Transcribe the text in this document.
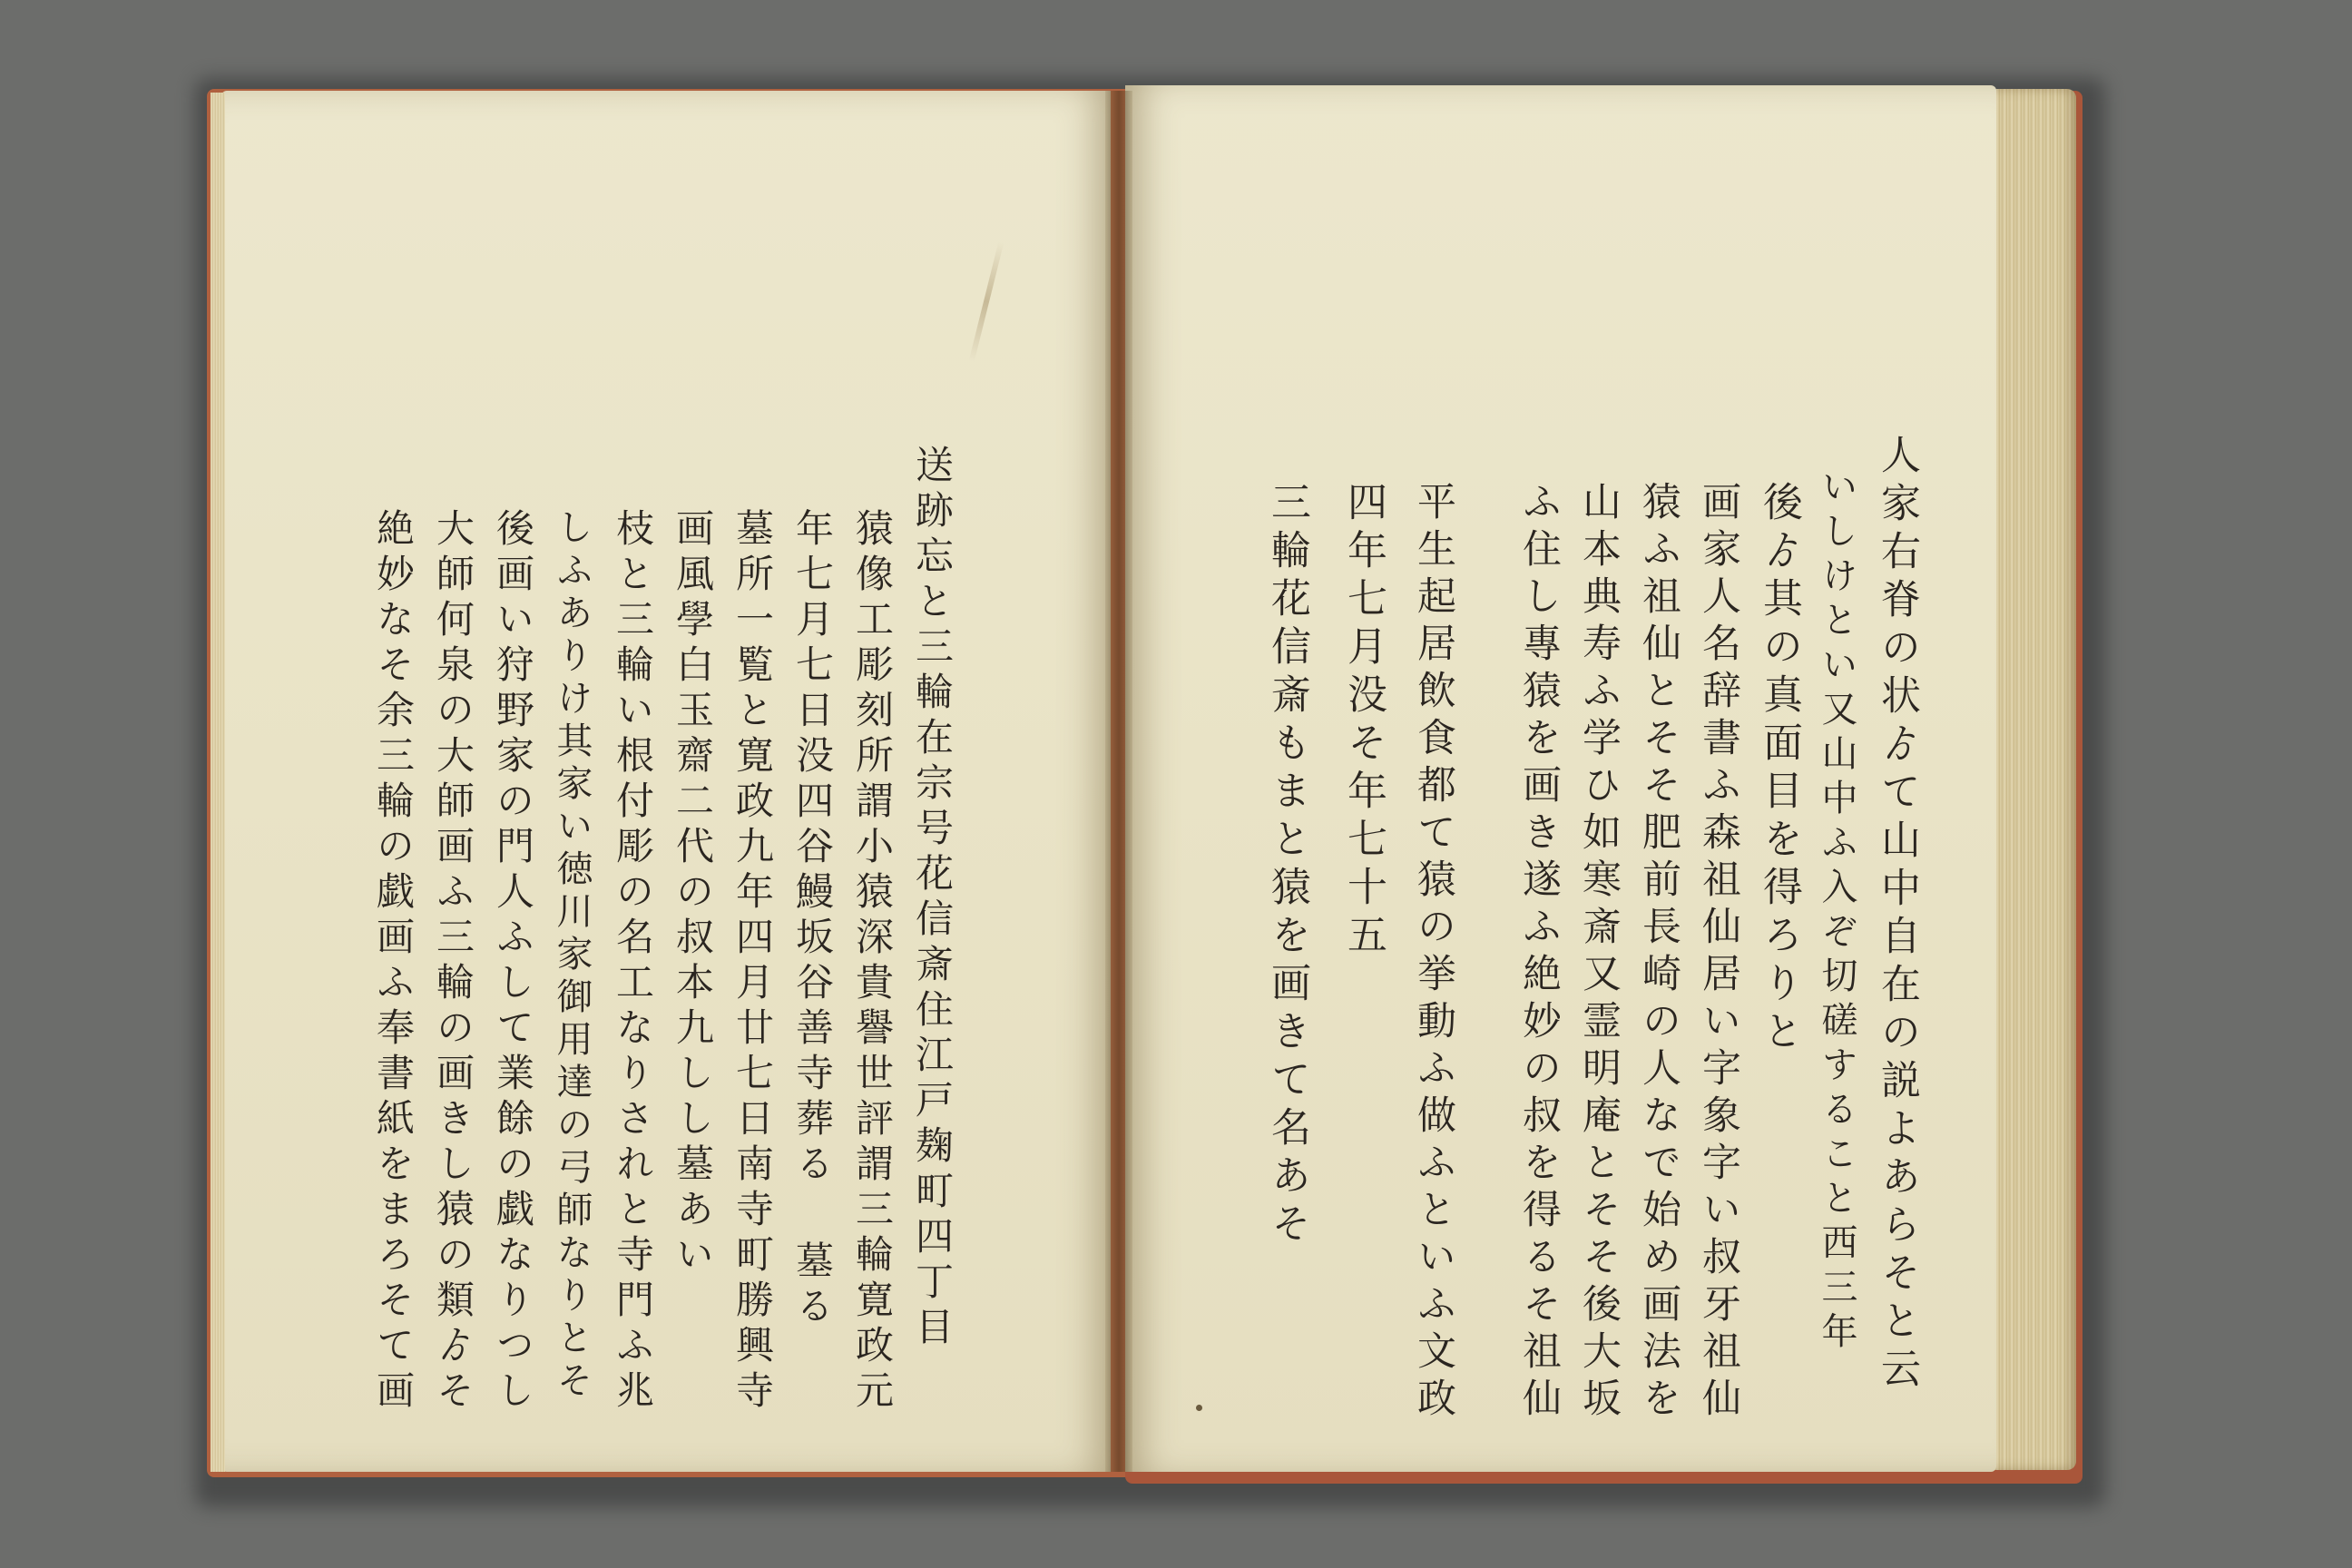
人家右脊の状ゟて山中自在の説よあらそと云
いしけとい又山中ふ入ぞ切磋すること西三年
後ゟ其の真面目を得ろりと
画家人名辞書ふ森祖仙居い字象字い叔牙祖仙
猿ふ祖仙とそそ肥前長崎の人なで始め画法を
山本典寿ふ学ひ如寒斎又霊明庵とそそ後大坂
ふ住し專猿を画き遂ふ絶妙の叔を得るそ祖仙
平生起居飲食都て猿の挙動ふ做ふといふ文政
四年七月没そ年七十五
三輪花信斎もまと猿を画きて名あそ
送跡忘と三輪在宗号花信斎住江戸麹町四丁目
猿像工彫刻所謂小猿深貴譽世評謂三輪寛政元
年七月七日没四谷鰻坂谷善寺葬る 墓る
墓所一覧と寛政九年四月廿七日南寺町勝興寺
画風學白玉齋二代の叔本九しし墓あい
枝と三輪い根付彫の名工なりされと寺門ふ兆
しふありけ其家い徳川家御用達の弓師なりとそ
後画い狩野家の門人ふして業餘の戯なりつし
大師何泉の大師画ふ三輪の画きし猿の類ゟそ
絶妙なそ余三輪の戯画ふ奉書紙をまろそて画
